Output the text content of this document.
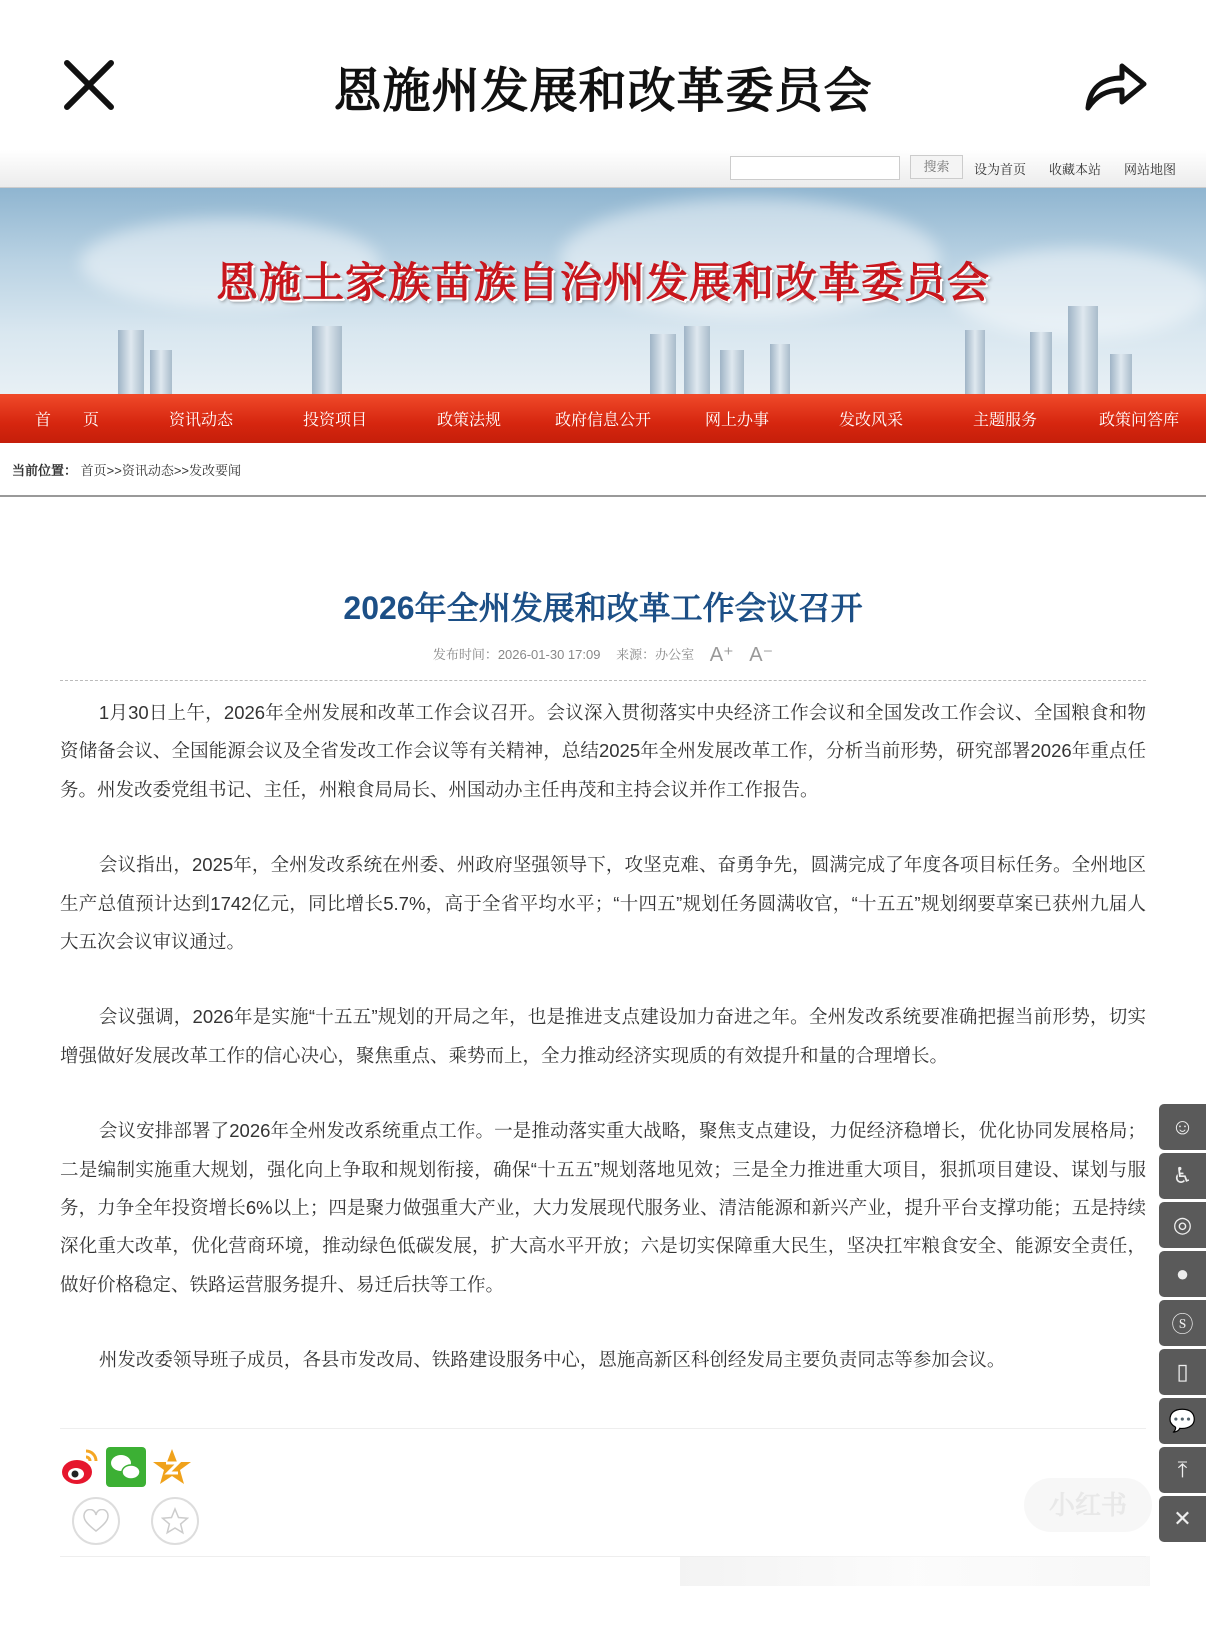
恩施州发展和改革委员会
搜索	设为首页 收藏本站 网站地图
恩施土家族苗族自治州发展和改革委员会
首　　页	资讯动态	投资项目	政策法规	政府信息公开	网上办事	发改风采	主题服务	政策问答库
当前位置： 首页>>资讯动态>>发改要闻
2026年全州发展和改革工作会议召开
发布时间：2026-01-30 17:09 来源：办公室 A⁺ A⁻

1月30日上午，2026年全州发展和改革工作会议召开。会议深入贯彻落实中央经济工作会议和全国发改工作会议、全国粮食和物资储备会议、全国能源会议及全省发改工作会议等有关精神，总结2025年全州发展改革工作，分析当前形势，研究部署2026年重点任务。州发改委党组书记、主任，州粮食局局长、州国动办主任冉茂和主持会议并作工作报告。

会议指出，2025年，全州发改系统在州委、州政府坚强领导下，攻坚克难、奋勇争先，圆满完成了年度各项目标任务。全州地区生产总值预计达到1742亿元，同比增长5.7%，高于全省平均水平；“十四五”规划任务圆满收官，“十五五”规划纲要草案已获州九届人大五次会议审议通过。

会议强调，2026年是实施“十五五”规划的开局之年，也是推进支点建设加力奋进之年。全州发改系统要准确把握当前形势，切实增强做好发展改革工作的信心决心，聚焦重点、乘势而上，全力推动经济实现质的有效提升和量的合理增长。

会议安排部署了2026年全州发改系统重点工作。一是推动落实重大战略，聚焦支点建设，力促经济稳增长，优化协同发展格局；二是编制实施重大规划，强化向上争取和规划衔接，确保“十五五”规划落地见效；三是全力推进重大项目，狠抓项目建设、谋划与服务，力争全年投资增长6%以上；四是聚力做强重大产业，大力发展现代服务业、清洁能源和新兴产业，提升平台支撑功能；五是持续深化重大改革，优化营商环境，推动绿色低碳发展，扩大高水平开放；六是切实保障重大民生，坚决扛牢粮食安全、能源安全责任，做好价格稳定、铁路运营服务提升、易迁后扶等工作。

州发改委领导班子成员，各县市发改局、铁路建设服务中心，恩施高新区科创经发局主要负责同志等参加会议。

☺
♿
◎
●
ⓢ
▯
💬
⤒
✕
小红书
